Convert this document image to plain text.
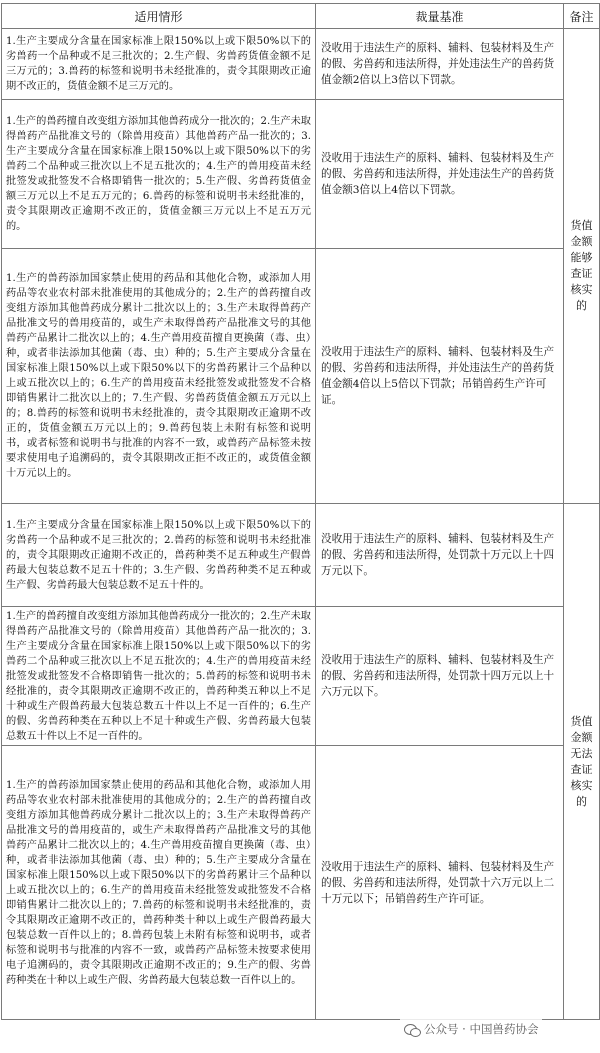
适用情形	裁量基准	备注
1.生产主要成分含量在国家标准上限150%以上或下限50%以下的劣兽药一个品种或不足三批次的；2.生产假、劣兽药货值金额不足三万元的；3.兽药的标签和说明书未经批准的，责令其限期改正逾期不改正的，货值金额不足三万元的。	没收用于违法生产的原料、辅料、包装材料及生产的假、劣兽药和违法所得，并处违法生产的兽药货值金额2倍以上3倍以下罚款。	货值金额能够查证核实的
1.生产的兽药擅自改变组方添加其他兽药成分一批次的；2.生产未取得兽药产品批准文号的（除兽用疫苗）其他兽药产品一批次的；3.生产主要成分含量在国家标准上限150%以上或下限50%以下的劣兽药二个品种或三批次以上不足五批次的；4.生产的兽用疫苗未经批签发或批签发不合格即销售一批次的；5.生产假、劣兽药货值金额三万元以上不足五万元的；6.兽药的标签和说明书未经批准的，责令其限期改正逾期不改正的，货值金额三万元以上不足五万元的。	没收用于违法生产的原料、辅料、包装材料及生产的假、劣兽药和违法所得，并处违法生产的兽药货值金额3倍以上4倍以下罚款。	
1.生产的兽药添加国家禁止使用的药品和其他化合物，或添加人用药品等农业农村部未批准使用的其他成分的；2.生产的兽药擅自改变组方添加其他兽药成分累计二批次以上的；3.生产未取得兽药产品批准文号的兽用疫苗的，或生产未取得兽药产品批准文号的其他兽药产品累计二批次以上的；4.生产兽用疫苗擅自更换菌（毒、虫）种，或者非法添加其他菌（毒、虫）种的；5.生产主要成分含量在国家标准上限150%以上或下限50%以下的劣兽药累计三个品种以上或五批次以上的；6.生产的兽用疫苗未经批签发或批签发不合格即销售累计二批次以上的；7.生产假、劣兽药货值金额五万元以上的；8.兽药的标签和说明书未经批准的，责令其限期改正逾期不改正的，货值金额五万元以上的；9.兽药包装上未附有标签和说明书，或者标签和说明书与批准的内容不一致，或兽药产品标签未按要求使用电子追溯码的，责令其限期改正拒不改正的，或货值金额十万元以上的。	没收用于违法生产的原料、辅料、包装材料及生产的假、劣兽药和违法所得，并处违法生产的兽药货值金额4倍以上5倍以下罚款；吊销兽药生产许可证。	
1.生产主要成分含量在国家标准上限150%以上或下限50%以下的劣兽药一个品种或不足三批次的；2.兽药的标签和说明书未经批准的，责令其限期改正逾期不改正的，兽药种类不足五种或生产假兽药最大包装总数不足五十件的；3.生产假、劣兽药种类不足五种或生产假、劣兽药最大包装总数不足五十件的。	没收用于违法生产的原料、辅料、包装材料及生产的假、劣兽药和违法所得，处罚款十万元以上十四万元以下。	货值金额无法查证核实的
1.生产的兽药擅自改变组方添加其他兽药成分一批次的；2.生产未取得兽药产品批准文号的（除兽用疫苗）其他兽药产品一批次的；3.生产主要成分含量在国家标准上限150%以上或下限50%以下的劣兽药二个品种或三批次以上不足五批次的；4.生产的兽用疫苗未经批签发或批签发不合格即销售一批次的；5.兽药的标签和说明书未经批准的，责令其限期改正逾期不改正的，兽药种类五种以上不足十种或生产假兽药最大包装总数五十件以上不足一百件的；6.生产的假、劣兽药种类在五种以上不足十种或生产假、劣兽药最大包装总数五十件以上不足一百件的。	没收用于违法生产的原料、辅料、包装材料及生产的假、劣兽药和违法所得，处罚款十四万元以上十六万元以下。	
1.生产的兽药添加国家禁止使用的药品和其他化合物，或添加人用药品等农业农村部未批准使用的其他成分的；2.生产的兽药擅自改变组方添加其他兽药成分累计二批次以上的；3.生产未取得兽药产品批准文号的兽用疫苗的，或生产未取得兽药产品批准文号的其他兽药产品累计二批次以上的；4.生产兽用疫苗擅自更换菌（毒、虫）种，或者非法添加其他菌（毒、虫）种的；5.生产主要成分含量在国家标准上限150%以上或下限50%以下的劣兽药累计三个品种以上或五批次以上的；6.生产的兽用疫苗未经批签发或批签发不合格即销售累计二批次以上的；7.兽药的标签和说明书未经批准的，责令其限期改正逾期不改正的，兽药种类十种以上或生产假兽药最大包装总数一百件以上的；8.兽药包装上未附有标签和说明书，或者标签和说明书与批准的内容不一致，或兽药产品标签未按要求使用电子追溯码的，责令其限期改正逾期不改正的；9.生产的假、劣兽药种类在十种以上或生产假、劣兽药最大包装总数一百件以上的。	没收用于违法生产的原料、辅料、包装材料及生产的假、劣兽药和违法所得，处罚款十六万元以上二十万元以下；吊销兽药生产许可证。	
公众号 · 中国兽药协会
